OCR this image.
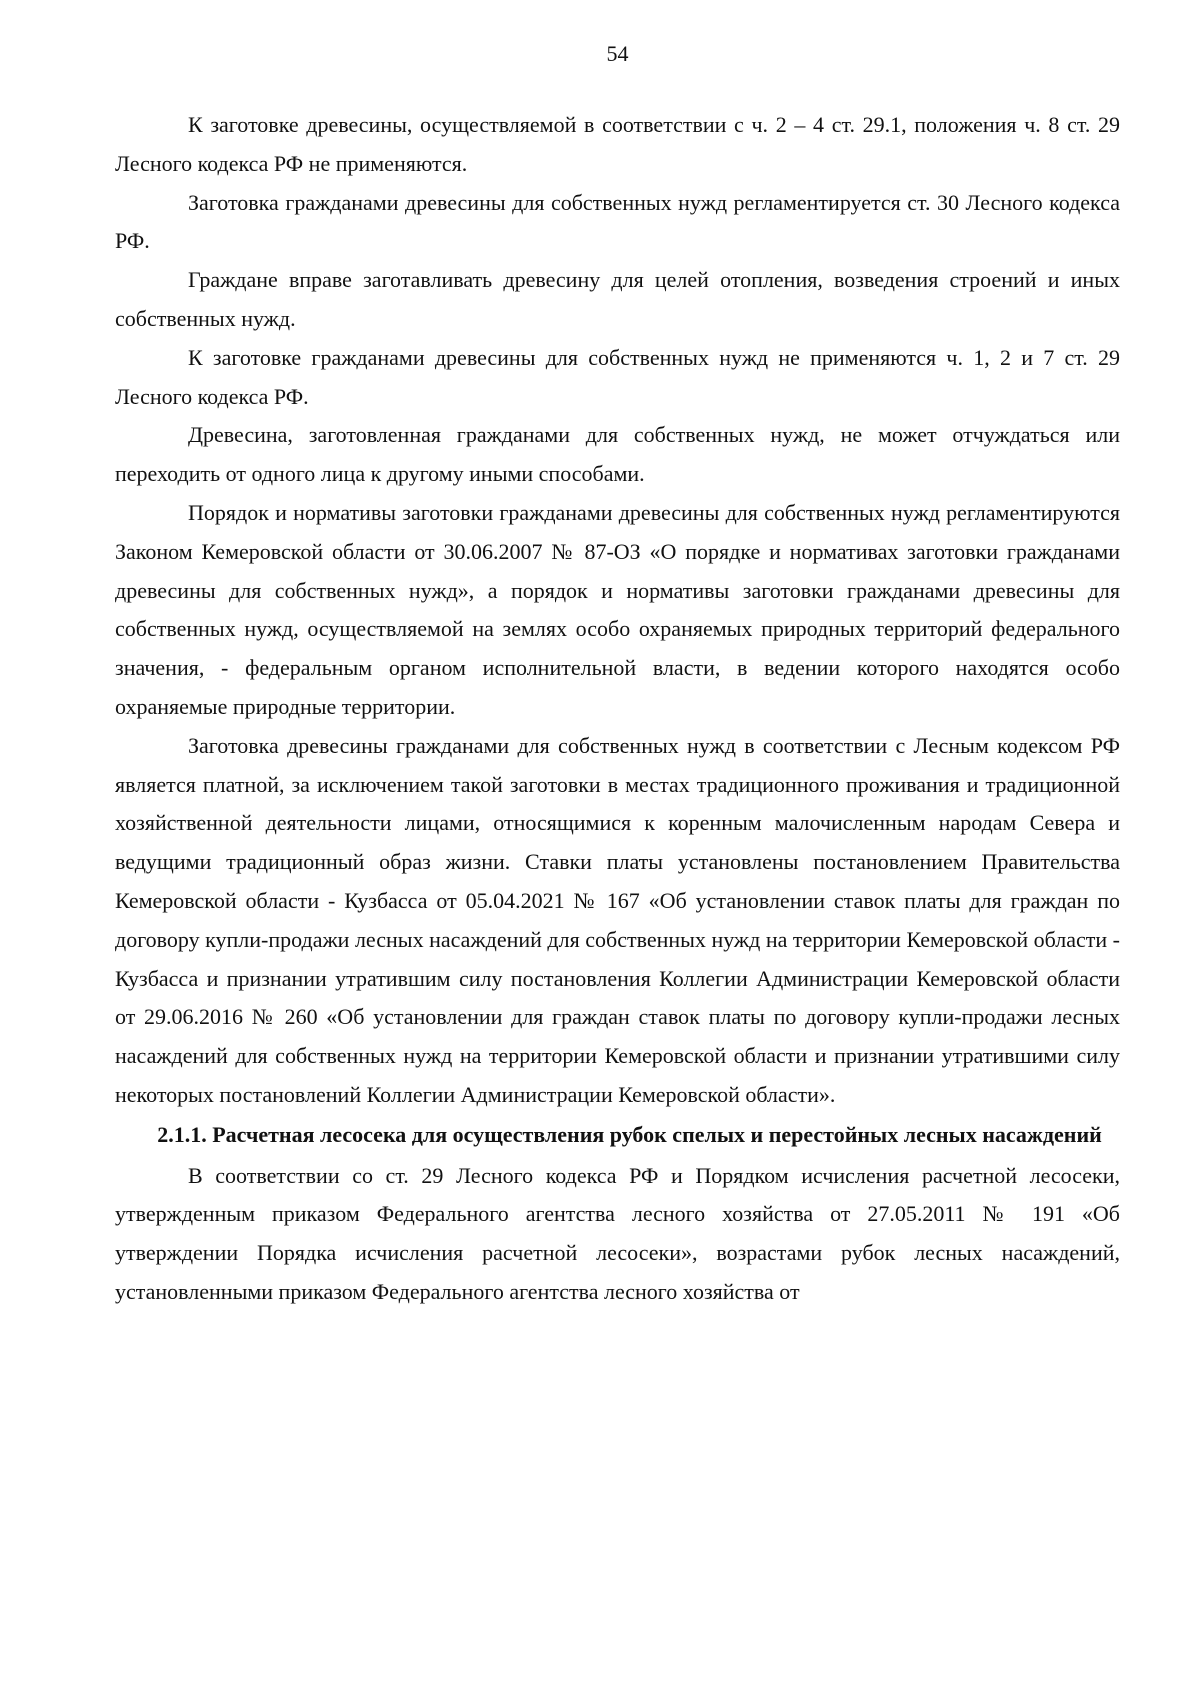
54

К заготовке древесины, осуществляемой в соответствии с ч. 2 – 4 ст. 29.1, положения ч. 8 ст. 29 Лесного кодекса РФ не применяются.

Заготовка гражданами древесины для собственных нужд регламентируется ст. 30 Лесного кодекса РФ.

Граждане вправе заготавливать древесину для целей отопления, возведения строений и иных собственных нужд.

К заготовке гражданами древесины для собственных нужд не применяются ч. 1, 2 и 7 ст. 29 Лесного кодекса РФ.

Древесина, заготовленная гражданами для собственных нужд, не может отчуждаться или переходить от одного лица к другому иными способами.

Порядок и нормативы заготовки гражданами древесины для собственных нужд регламентируются Законом Кемеровской области от 30.06.2007 № 87-ОЗ «О порядке и нормативах заготовки гражданами древесины для собственных нужд», а порядок и нормативы заготовки гражданами древесины для собственных нужд, осуществляемой на землях особо охраняемых природных территорий федерального значения, - федеральным органом исполнительной власти, в ведении которого находятся особо охраняемые природные территории.

Заготовка древесины гражданами для собственных нужд в соответствии с Лесным кодексом РФ является платной, за исключением такой заготовки в местах традиционного проживания и традиционной хозяйственной деятельности лицами, относящимися к коренным малочисленным народам Севера и ведущими традиционный образ жизни. Ставки платы установлены постановлением Правительства Кемеровской области - Кузбасса от 05.04.2021 № 167 «Об установлении ставок платы для граждан по договору купли-продажи лесных насаждений для собственных нужд на территории Кемеровской области - Кузбасса и признании утратившим силу постановления Коллегии Администрации Кемеровской области от 29.06.2016 № 260 «Об установлении для граждан ставок платы по договору купли-продажи лесных насаждений для собственных нужд на территории Кемеровской области и признании утратившими силу некоторых постановлений Коллегии Администрации Кемеровской области».

2.1.1. Расчетная лесосека для осуществления рубок спелых и перестойных лесных насаждений

В соответствии со ст. 29 Лесного кодекса РФ и Порядком исчисления расчетной лесосеки, утвержденным приказом Федерального агентства лесного хозяйства от 27.05.2011 № 191 «Об утверждении Порядка исчисления расчетной лесосеки», возрастами рубок лесных насаждений, установленными приказом Федерального агентства лесного хозяйства от
